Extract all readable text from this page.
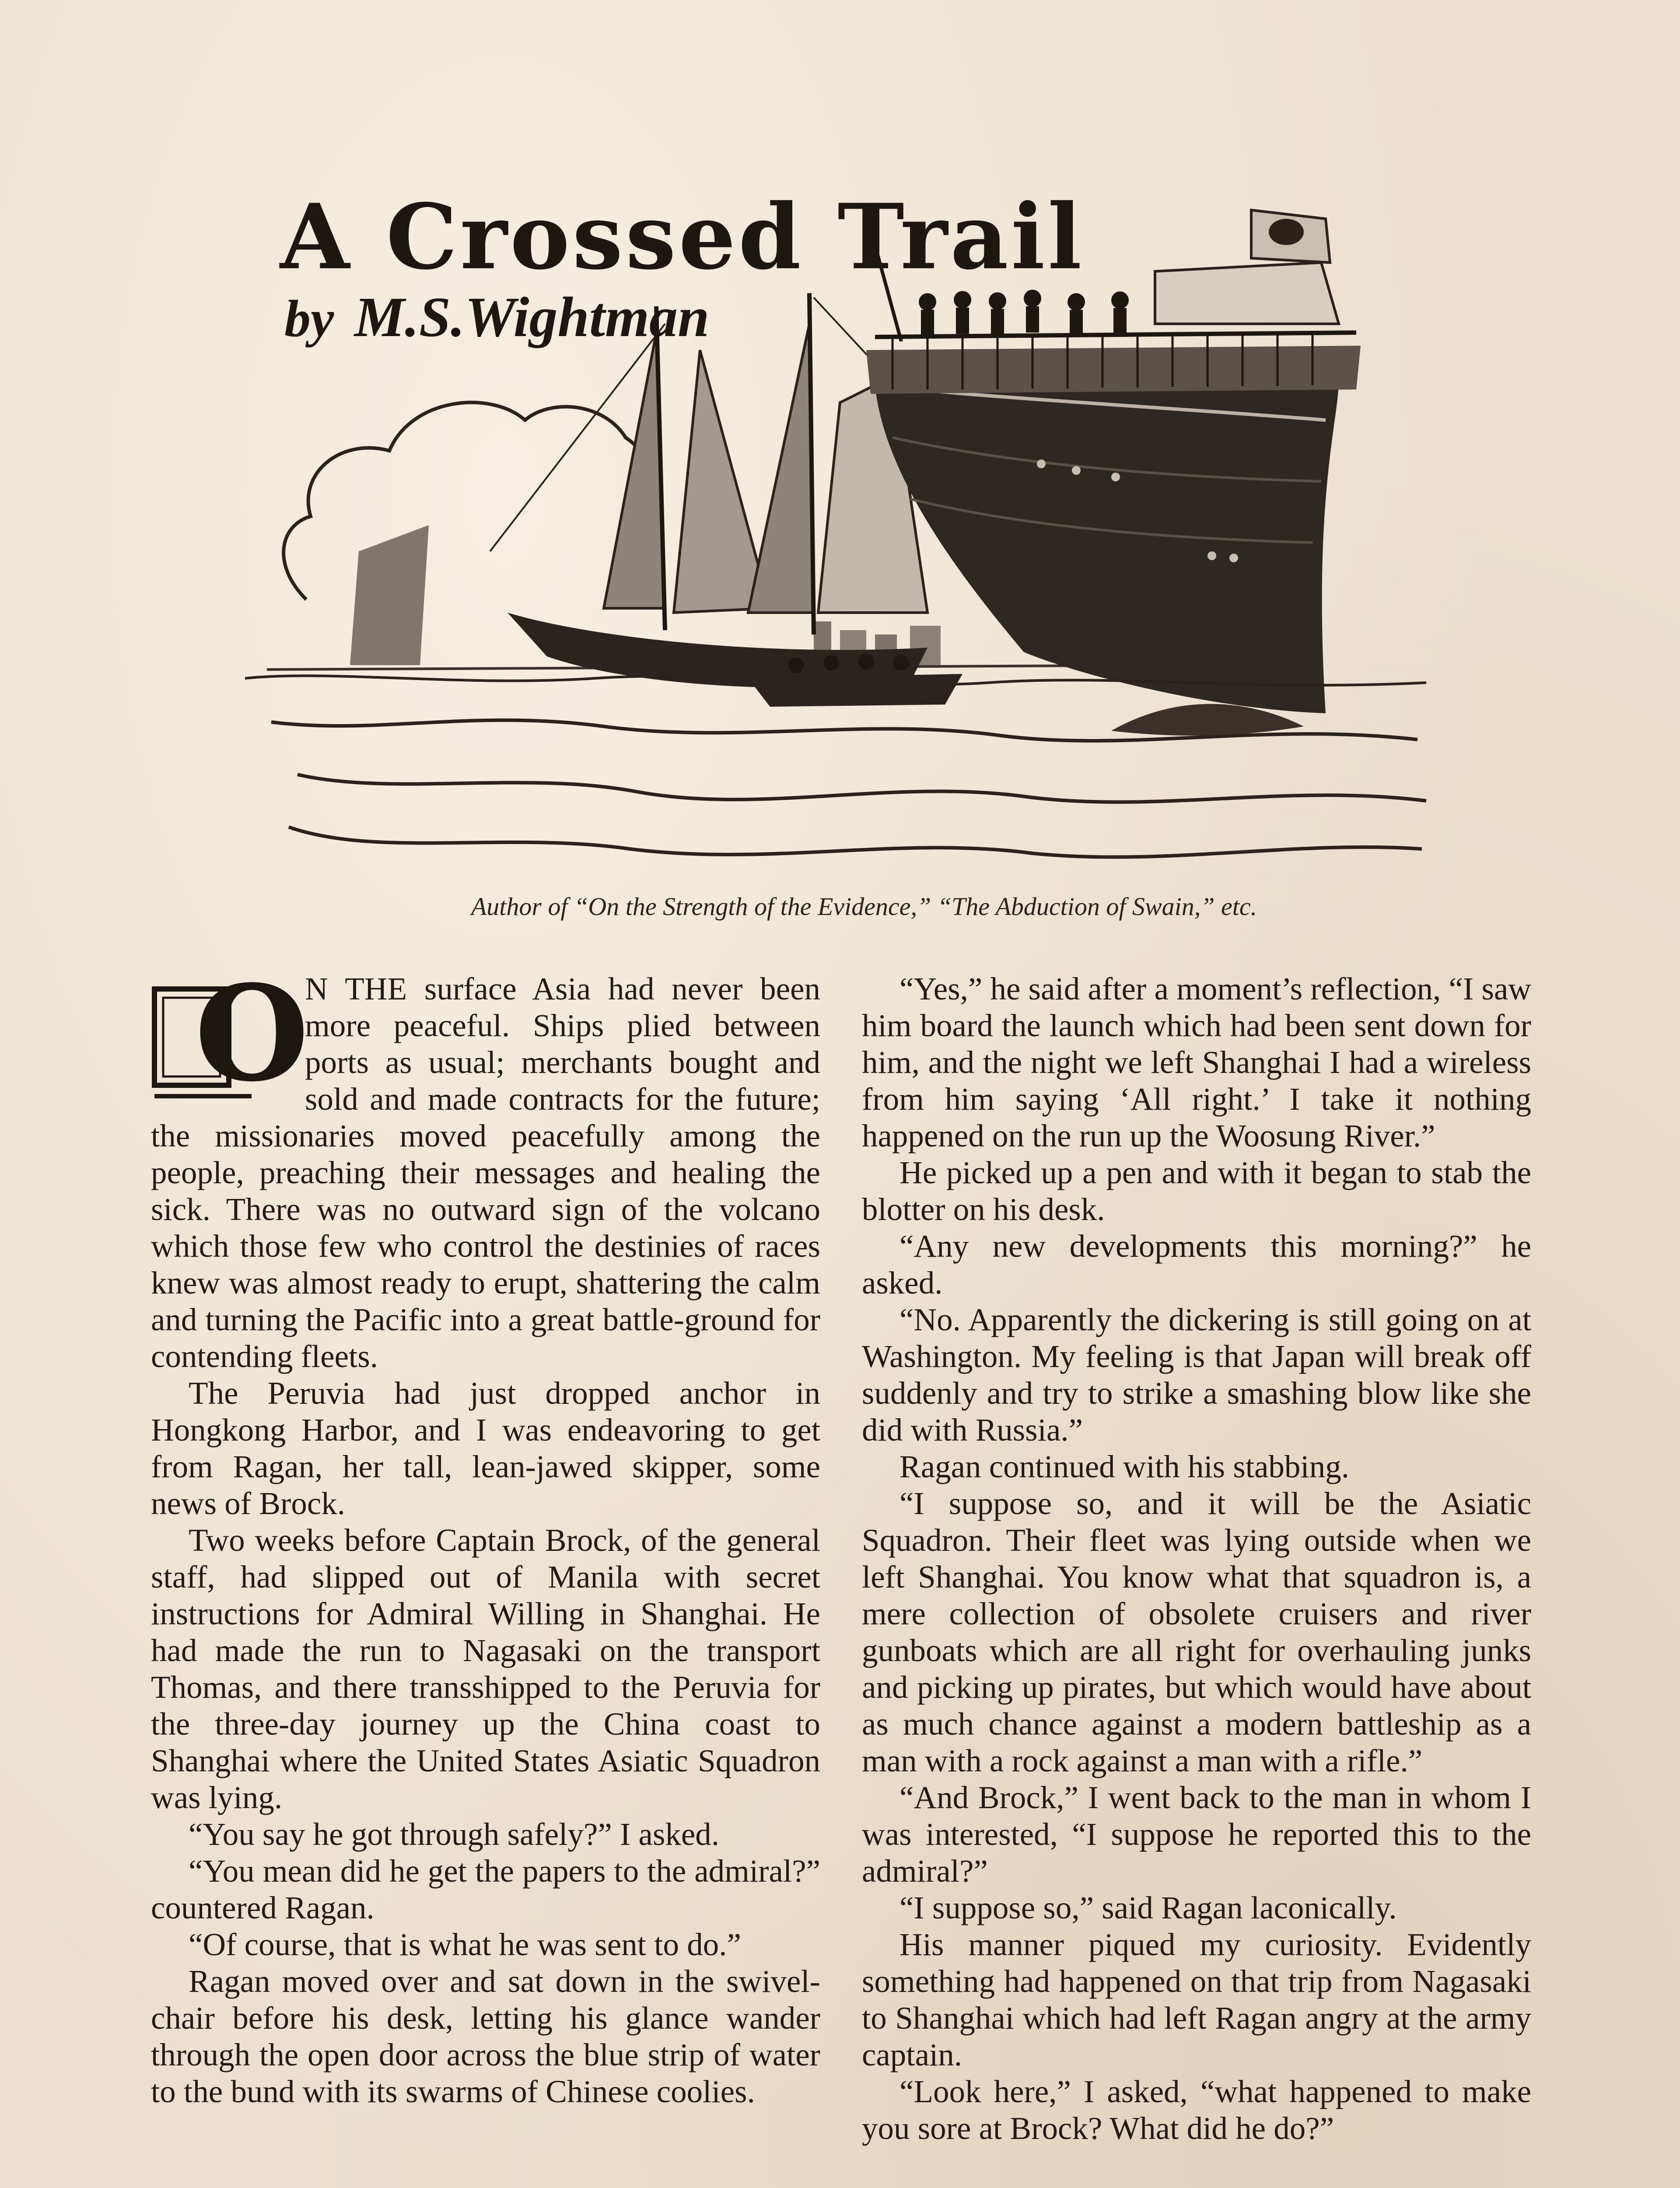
A Crossed Trail
by M.S.Wightman
Author of “On the Strength of the Evidence,” “The Abduction of Swain,” etc.
O

N THE surface Asia had never been more peaceful. Ships plied between ports as usual; merchants bought and sold and made contracts for the future; the missionaries moved peacefully among the people, preaching their messages and healing the sick. There was no outward sign of the volcano which those few who control the destinies of races knew was almost ready to erupt, shattering the calm and turning the Pacific into a great battle-ground for contending fleets.

The Peruvia had just dropped anchor in Hongkong Harbor, and I was endeavoring to get from Ragan, her tall, lean-jawed skipper, some news of Brock.

Two weeks before Captain Brock, of the general staff, had slipped out of Manila with secret instructions for Admiral Willing in Shanghai. He had made the run to Nagasaki on the transport Thomas, and there transshipped to the Peruvia for the three-day journey up the China coast to Shanghai where the United States Asiatic Squadron was lying.

“You say he got through safely?” I asked.

“You mean did he get the papers to the admiral?” countered Ragan.

“Of course, that is what he was sent to do.”

Ragan moved over and sat down in the swivel-chair before his desk, letting his glance wander through the open door across the blue strip of water to the bund with its swarms of Chinese coolies.

“Yes,” he said after a moment’s reflection, “I saw him board the launch which had been sent down for him, and the night we left Shanghai I had a wireless from him saying ‘All right.’ I take it nothing happened on the run up the Woosung River.”

He picked up a pen and with it began to stab the blotter on his desk.

“Any new developments this morning?” he asked.

“No. Apparently the dickering is still going on at Washington. My feeling is that Japan will break off suddenly and try to strike a smashing blow like she did with Russia.”

Ragan continued with his stabbing.

“I suppose so, and it will be the Asiatic Squadron. Their fleet was lying outside when we left Shanghai. You know what that squadron is, a mere collection of obsolete cruisers and river gunboats which are all right for overhauling junks and picking up pirates, but which would have about as much chance against a modern battleship as a man with a rock against a man with a rifle.”

“And Brock,” I went back to the man in whom I was interested, “I suppose he reported this to the admiral?”

“I suppose so,” said Ragan laconically.

His manner piqued my curiosity. Evidently something had happened on that trip from Nagasaki to Shanghai which had left Ragan angry at the army captain.

“Look here,” I asked, “what happened to make you sore at Brock? What did he do?”
